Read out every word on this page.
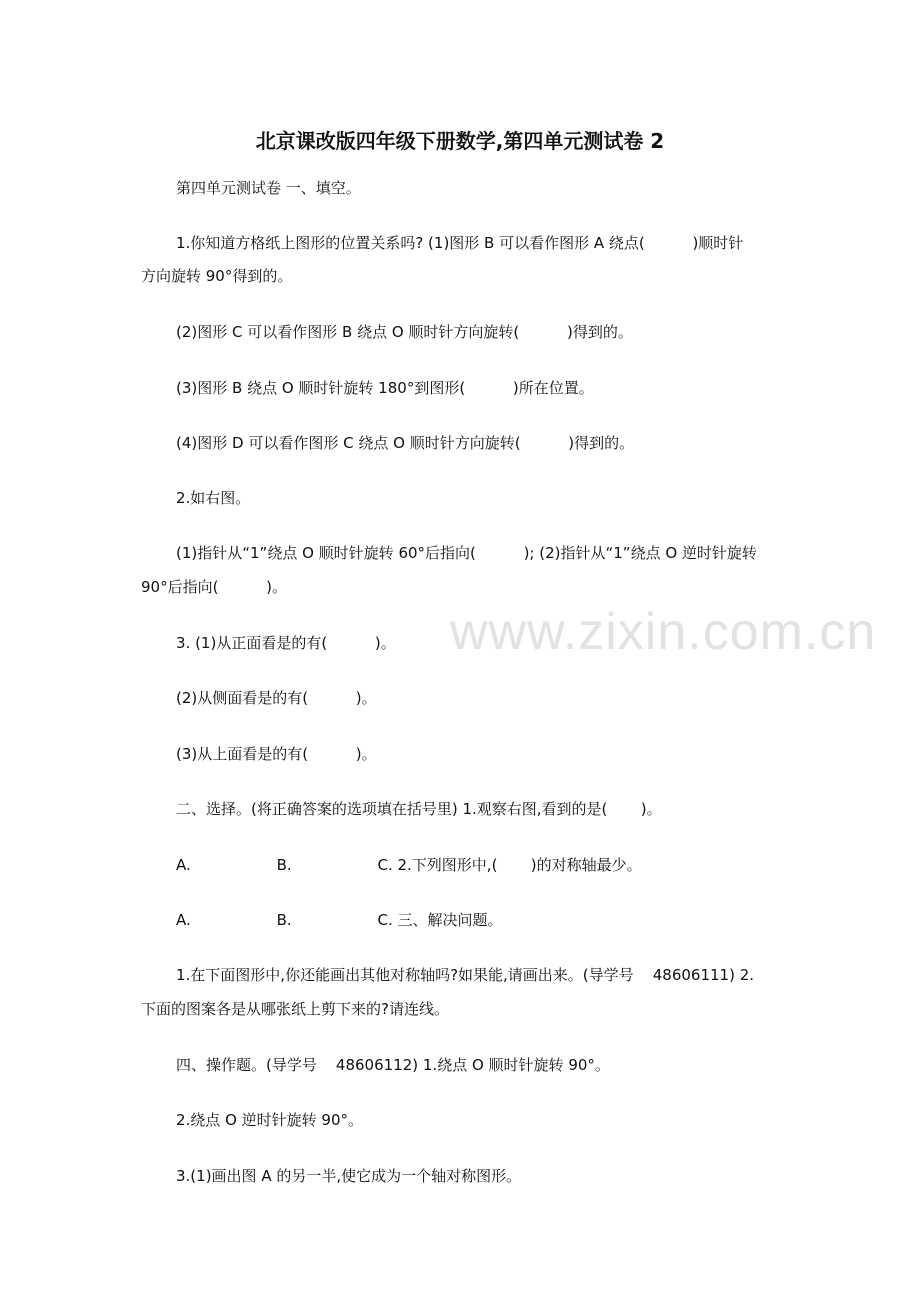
北京课改版四年级下册数学,第四单元测试卷 2
第四单元测试卷 一、填空。
1.你知道方格纸上图形的位置关系吗? (1)图形 B 可以看作图形 A 绕点(          )顺时针
方向旋转 90°得到的。
(2)图形 C 可以看作图形 B 绕点 O 顺时针方向旋转(          )得到的。
(3)图形 B 绕点 O 顺时针旋转 180°到图形(          )所在位置。
(4)图形 D 可以看作图形 C 绕点 O 顺时针方向旋转(          )得到的。
2.如右图。
(1)指针从“1”绕点 O 顺时针旋转 60°后指向(          ); (2)指针从“1”绕点 O 逆时针旋转
90°后指向(          )。
3. (1)从正面看是的有(          )。
(2)从侧面看是的有(          )。
(3)从上面看是的有(          )。
二、选择。(将正确答案的选项填在括号里) 1.观察右图,看到的是(       )。
A.                  B.                  C. 2.下列图形中,(       )的对称轴最少。
A.                  B.                  C. 三、解决问题。
1.在下面图形中,你还能画出其他对称轴吗?如果能,请画出来。(导学号    48606111) 2.
下面的图案各是从哪张纸上剪下来的?请连线。
四、操作题。(导学号    48606112) 1.绕点 O 顺时针旋转 90°。
2.绕点 O 逆时针旋转 90°。
3.(1)画出图 A 的另一半,使它成为一个轴对称图形。
www.zixin.com.cn
